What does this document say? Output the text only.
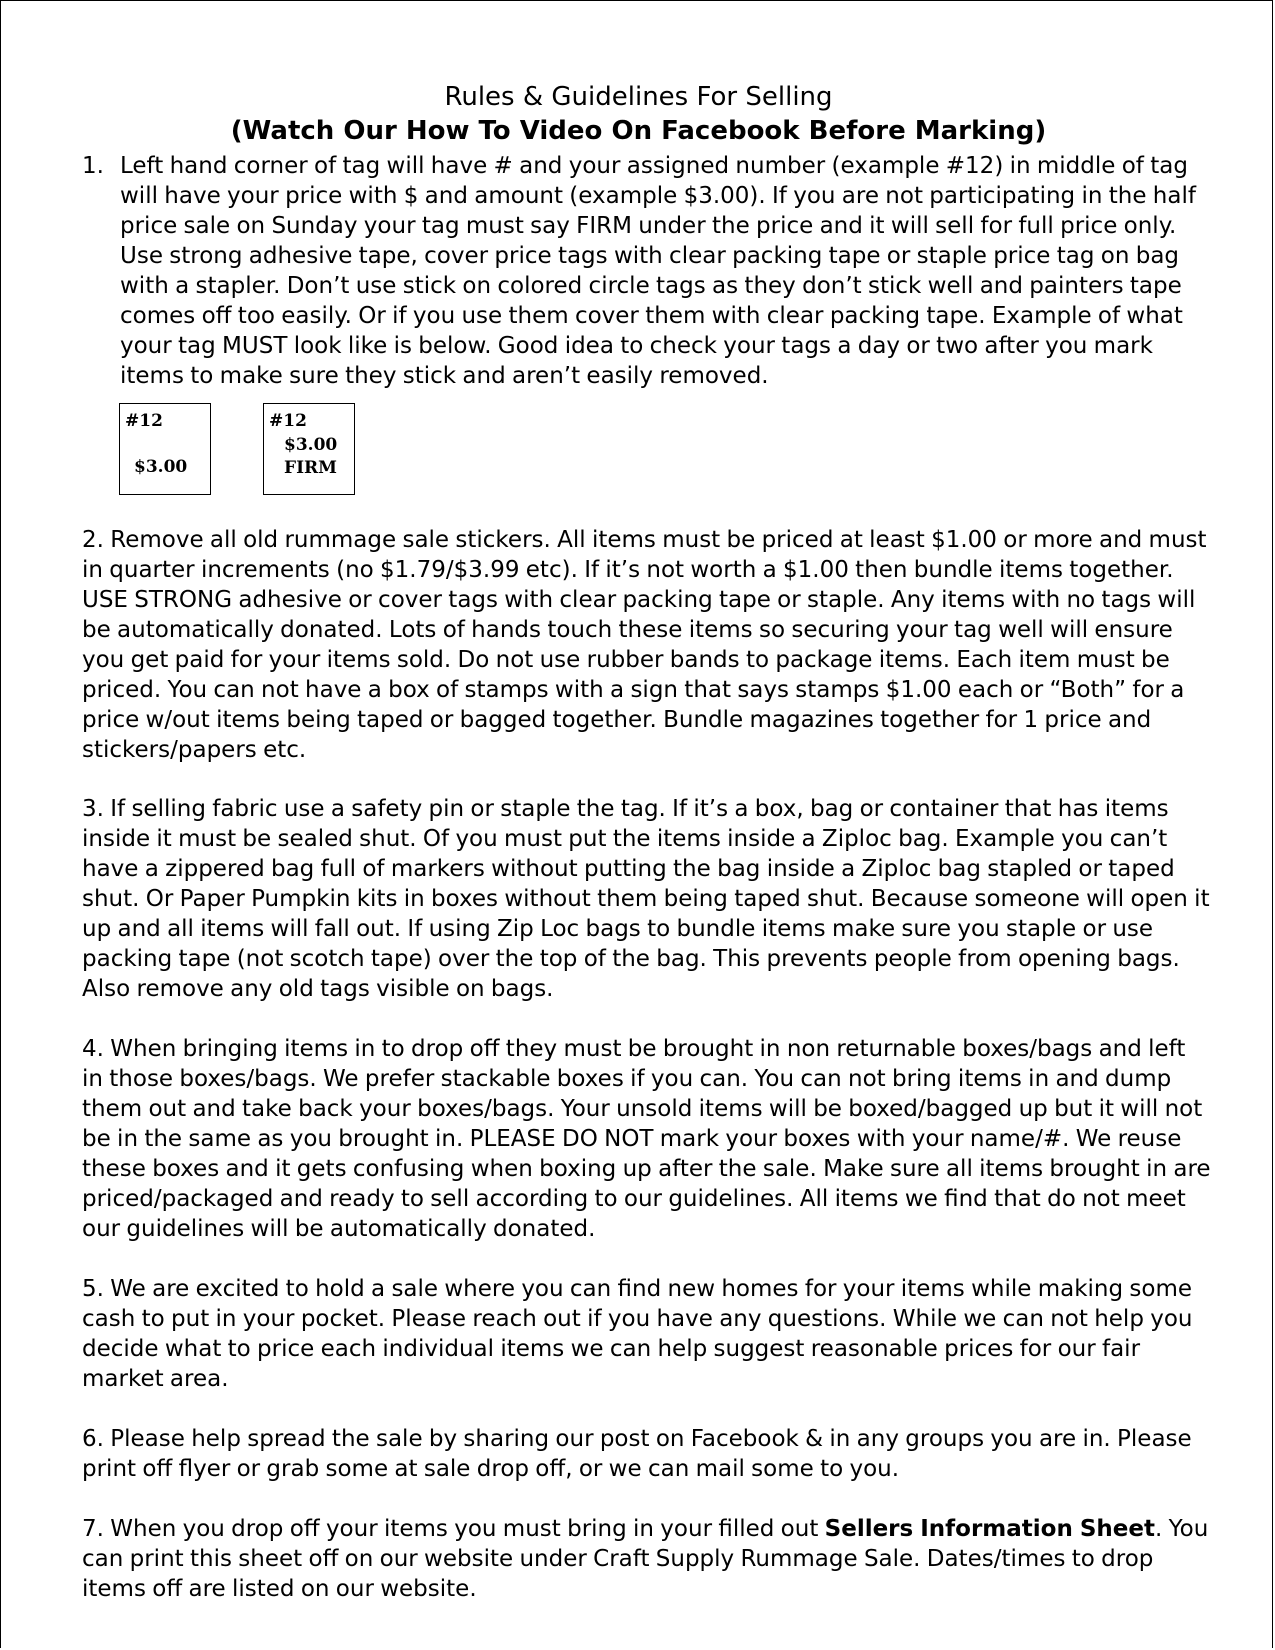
Rules & Guidelines For Selling
(Watch Our How To Video On Facebook Before Marking)
1. Left hand corner of tag will have # and your assigned number (example #12) in middle of tag will have your price with $ and amount (example $3.00). If you are not participating in the half price sale on Sunday your tag must say FIRM under the price and it will sell for full price only. Use strong adhesive tape, cover price tags with clear packing tape or staple price tag on bag with a stapler. Don’t use stick on colored circle tags as they don’t stick well and painters tape comes off too easily. Or if you use them cover them with clear packing tape. Example of what your tag MUST look like is below. Good idea to check your tags a day or two after you mark items to make sure they stick and aren’t easily removed.
#12
$3.00
#12
$3.00
FIRM
2. Remove all old rummage sale stickers. All items must be priced at least $1.00 or more and must in quarter increments (no $1.79/$3.99 etc). If it’s not worth a $1.00 then bundle items together. USE STRONG adhesive or cover tags with clear packing tape or staple. Any items with no tags will be automatically donated. Lots of hands touch these items so securing your tag well will ensure you get paid for your items sold. Do not use rubber bands to package items. Each item must be priced. You can not have a box of stamps with a sign that says stamps $1.00 each or “Both” for a price w/out items being taped or bagged together. Bundle magazines together for 1 price and stickers/papers etc.
3. If selling fabric use a safety pin or staple the tag. If it’s a box, bag or container that has items inside it must be sealed shut. Of you must put the items inside a Ziploc bag. Example you can’t have a zippered bag full of markers without putting the bag inside a Ziploc bag stapled or taped shut. Or Paper Pumpkin kits in boxes without them being taped shut. Because someone will open it up and all items will fall out. If using Zip Loc bags to bundle items make sure you staple or use packing tape (not scotch tape) over the top of the bag. This prevents people from opening bags. Also remove any old tags visible on bags.
4. When bringing items in to drop off they must be brought in non returnable boxes/bags and left in those boxes/bags. We prefer stackable boxes if you can. You can not bring items in and dump them out and take back your boxes/bags. Your unsold items will be boxed/bagged up but it will not be in the same as you brought in. PLEASE DO NOT mark your boxes with your name/#. We reuse these boxes and it gets confusing when boxing up after the sale. Make sure all items brought in are priced/packaged and ready to sell according to our guidelines. All items we find that do not meet our guidelines will be automatically donated.
5. We are excited to hold a sale where you can find new homes for your items while making some cash to put in your pocket. Please reach out if you have any questions. While we can not help you decide what to price each individual items we can help suggest reasonable prices for our fair market area.
6. Please help spread the sale by sharing our post on Facebook & in any groups you are in. Please print off flyer or grab some at sale drop off, or we can mail some to you.
7. When you drop off your items you must bring in your filled out Sellers Information Sheet. You can print this sheet off on our website under Craft Supply Rummage Sale. Dates/times to drop items off are listed on our website.
